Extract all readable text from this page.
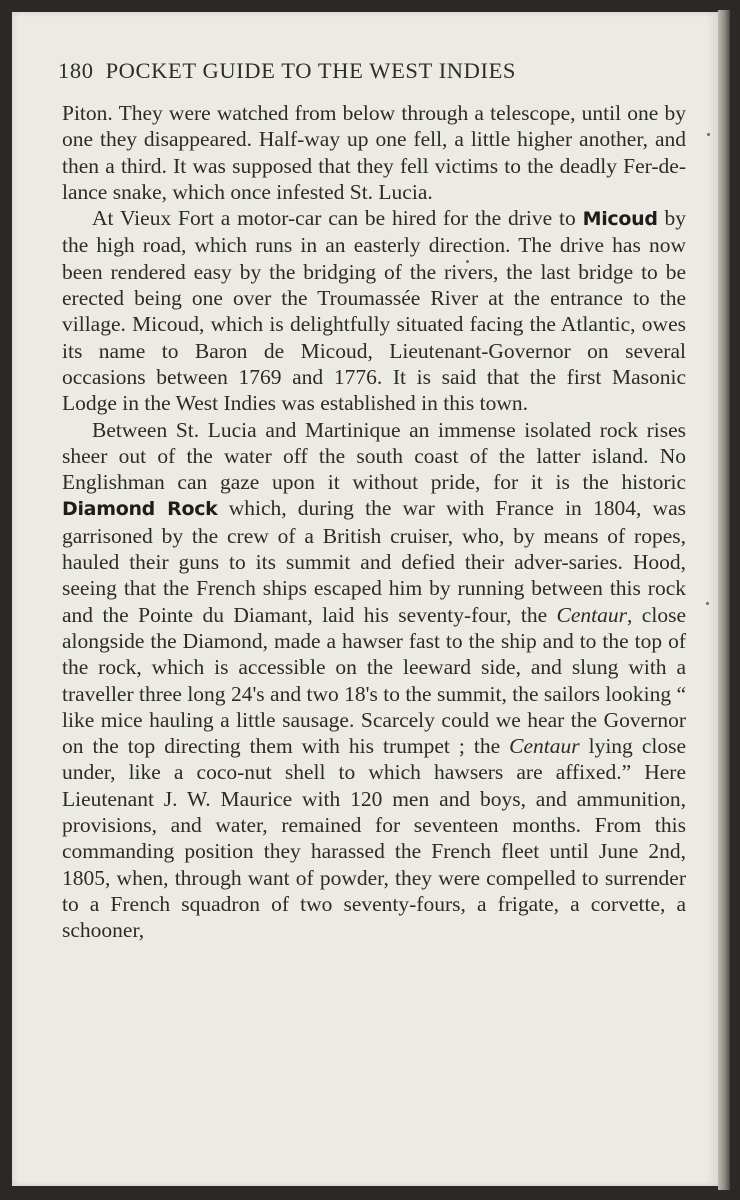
180 POCKET GUIDE TO THE WEST INDIES

Piton. They were watched from below through a telescope, until one by one they disappeared. Half-way up one fell, a little higher another, and then a third. It was supposed that they fell victims to the deadly Fer-de-lance snake, which once infested St. Lucia.

At Vieux Fort a motor-car can be hired for the drive to Micoud by the high road, which runs in an easterly direction. The drive has now been rendered easy by the bridging of the rivers, the last bridge to be erected being one over the Troumassée River at the entrance to the village. Micoud, which is delightfully situated facing the Atlantic, owes its name to Baron de Micoud, Lieutenant-Governor on several occasions between 1769 and 1776. It is said that the first Masonic Lodge in the West Indies was established in this town.

Between St. Lucia and Martinique an immense isolated rock rises sheer out of the water off the south coast of the latter island. No Englishman can gaze upon it without pride, for it is the historic Diamond Rock which, during the war with France in 1804, was garrisoned by the crew of a British cruiser, who, by means of ropes, hauled their guns to its summit and defied their adver-saries. Hood, seeing that the French ships escaped him by running between this rock and the Pointe du Diamant, laid his seventy-four, the Centaur, close alongside the Diamond, made a hawser fast to the ship and to the top of the rock, which is accessible on the leeward side, and slung with a traveller three long 24's and two 18's to the summit, the sailors looking “ like mice hauling a little sausage. Scarcely could we hear the Governor on the top directing them with his trumpet ; the Centaur lying close under, like a coco-nut shell to which hawsers are affixed.” Here Lieutenant J. W. Maurice with 120 men and boys, and ammunition, provisions, and water, remained for seventeen months. From this commanding position they harassed the French fleet until June 2nd, 1805, when, through want of powder, they were compelled to surrender to a French squadron of two seventy-fours, a frigate, a corvette, a schooner,
